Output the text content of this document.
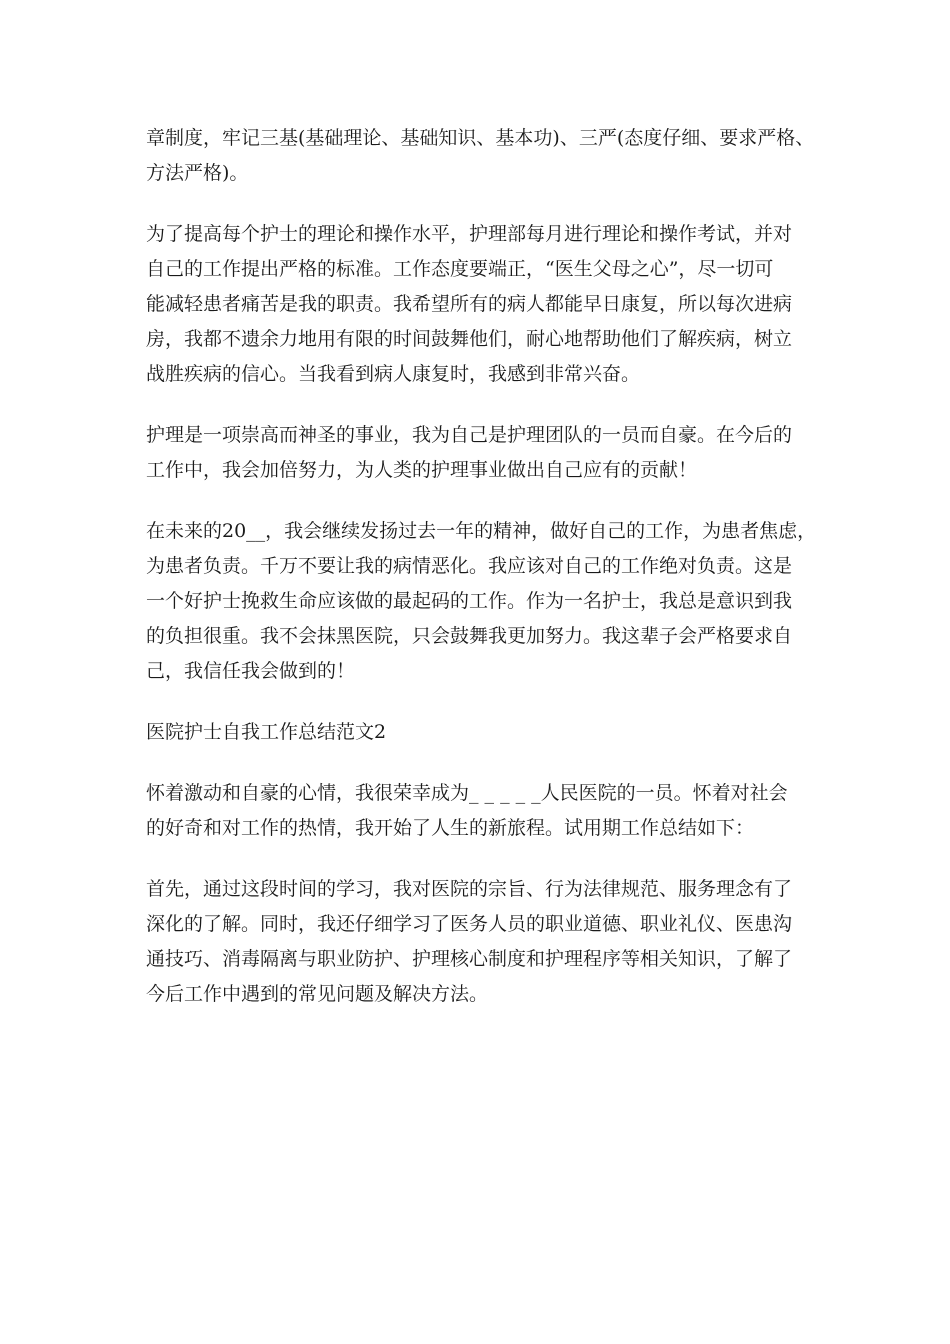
章制度，牢记三基(基础理论、基础知识、基本功)、三严(态度仔细、要求严格、
方法严格)。
为了提高每个护士的理论和操作水平，护理部每月进行理论和操作考试，并对
自己的工作提出严格的标准。工作态度要端正，“医生父母之心”，尽一切可
能减轻患者痛苦是我的职责。我希望所有的病人都能早日康复，所以每次进病
房，我都不遗余力地用有限的时间鼓舞他们，耐心地帮助他们了解疾病，树立
战胜疾病的信心。当我看到病人康复时，我感到非常兴奋。
护理是一项崇高而神圣的事业，我为自己是护理团队的一员而自豪。在今后的
工作中，我会加倍努力，为人类的护理事业做出自己应有的贡献！
在未来的20__，我会继续发扬过去一年的精神，做好自己的工作，为患者焦虑，
为患者负责。千万不要让我的病情恶化。我应该对自己的工作绝对负责。这是
一个好护士挽救生命应该做的最起码的工作。作为一名护士，我总是意识到我
的负担很重。我不会抹黑医院，只会鼓舞我更加努力。我这辈子会严格要求自
己，我信任我会做到的！
医院护士自我工作总结范文2
怀着激动和自豪的心情，我很荣幸成为_ _ _ _ _人民医院的一员。怀着对社会
的好奇和对工作的热情，我开始了人生的新旅程。试用期工作总结如下：
首先，通过这段时间的学习，我对医院的宗旨、行为法律规范、服务理念有了
深化的了解。同时，我还仔细学习了医务人员的职业道德、职业礼仪、医患沟
通技巧、消毒隔离与职业防护、护理核心制度和护理程序等相关知识，了解了
今后工作中遇到的常见问题及解决方法。
